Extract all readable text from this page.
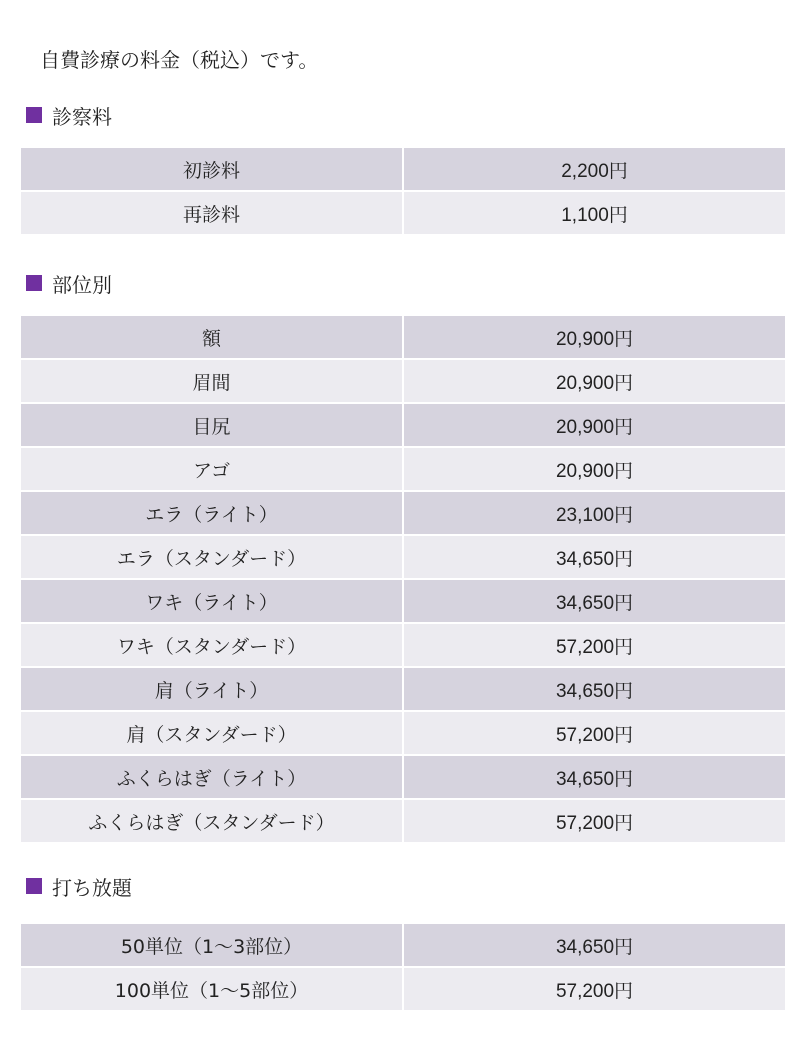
自費診療の料金（税込）です。

診察料
初診料	2,200円
再診料	1,100円
部位別
額	20,900円
眉間	20,900円
目尻	20,900円
アゴ	20,900円
エラ（ライト）	23,100円
エラ（スタンダード）	34,650円
ワキ（ライト）	34,650円
ワキ（スタンダード）	57,200円
肩（ライト）	34,650円
肩（スタンダード）	57,200円
ふくらはぎ（ライト）	34,650円
ふくらはぎ（スタンダード）	57,200円
打ち放題
50単位（1〜3部位）	34,650円
100単位（1〜5部位）	57,200円
